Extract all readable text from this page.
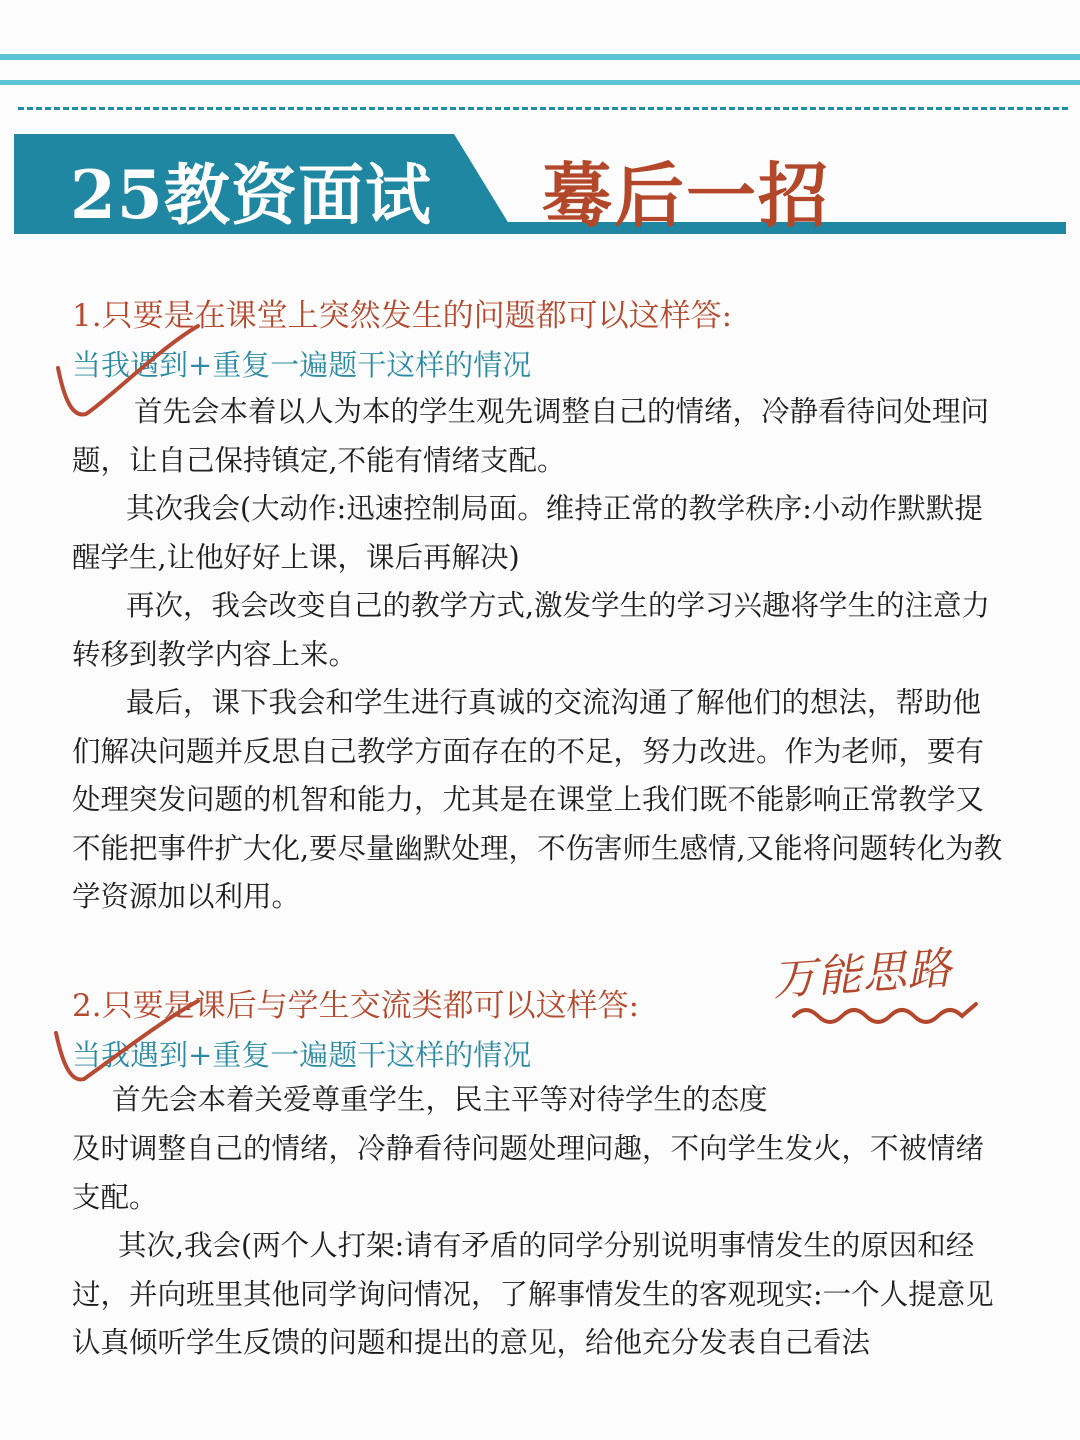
25教资面试 蓦后一招
1.只要是在课堂上突然发生的问题都可以这样答:
当我遇到+重复一遍题干这样的情况

首先会本着以人为本的学生观先调整自己的情绪，冷静看待问处理问题，让自己保持镇定,不能有情绪支配。

其次我会(大动作:迅速控制局面。维持正常的教学秩序:小动作默默提醒学生,让他好好上课，课后再解决)

再次，我会改变自己的教学方式,激发学生的学习兴趣将学生的注意力转移到教学内容上来。

最后，课下我会和学生进行真诚的交流沟通了解他们的想法，帮助他们解决问题并反思自己教学方面存在的不足，努力改进。作为老师，要有处理突发问题的机智和能力，尤其是在课堂上我们既不能影响正常教学又不能把事件扩大化,要尽量幽默处理，不伤害师生感情,又能将问题转化为教学资源加以利用。

万能思路
2.只要是课后与学生交流类都可以这样答:
当我遇到+重复一遍题干这样的情况

首先会本着关爱尊重学生，民主平等对待学生的态度

及时调整自己的情绪，冷静看待问题处理问趣，不向学生发火，不被情绪支配。

其次,我会(两个人打架:请有矛盾的同学分别说明事情发生的原因和经过，并向班里其他同学询问情况，了解事情发生的客观现实:一个人提意见认真倾听学生反馈的问题和提出的意见，给他充分发表自己看法
